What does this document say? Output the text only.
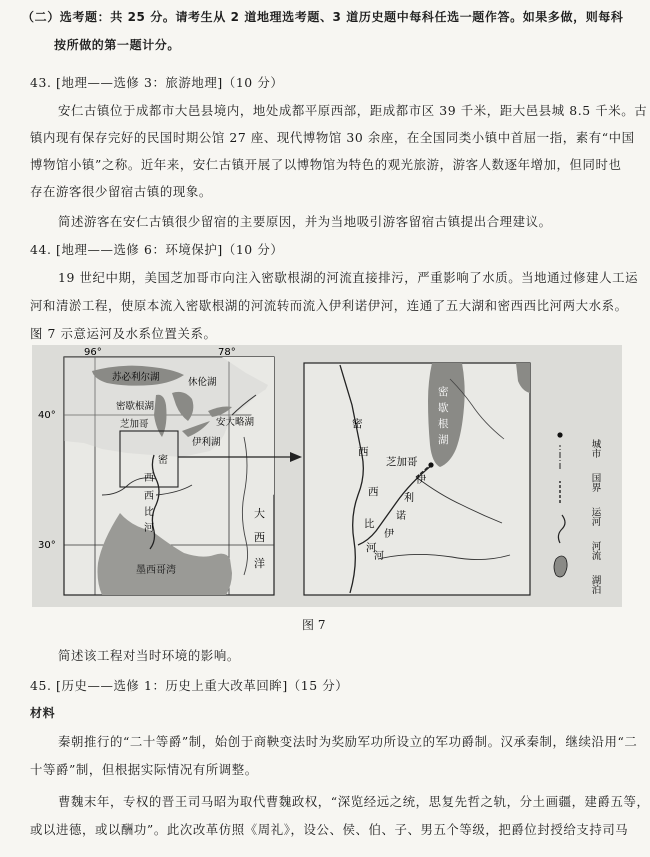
（二）选考题：共 25 分。请考生从 2 道地理选考题、3 道历史题中每科任选一题作答。如果多做，则每科
按所做的第一题计分。
43. [地理——选修 3：旅游地理]（10 分）
安仁古镇位于成都市大邑县境内，地处成都平原西部，距成都市区 39 千米，距大邑县城 8.5 千米。古
镇内现有保存完好的民国时期公馆 27 座、现代博物馆 30 余座，在全国同类小镇中首屈一指，素有“中国
博物馆小镇”之称。近年来，安仁古镇开展了以博物馆为特色的观光旅游，游客人数逐年增加，但同时也
存在游客很少留宿古镇的现象。
简述游客在安仁古镇很少留宿的主要原因，并为当地吸引游客留宿古镇提出合理建议。
44. [地理——选修 6：环境保护]（10 分）
19 世纪中期，美国芝加哥市向注入密歇根湖的河流直接排污，严重影响了水质。当地通过修建人工运
河和清淤工程，使原本流入密歇根湖的河流转而流入伊利诺伊河，连通了五大湖和密西西比河两大水系。
图 7 示意运河及水系位置关系。
96°	78°
40°
30°
苏必利尔湖	休伦湖
密歇根湖
安大略湖
伊利湖
芝加哥
密
西
西
比
河
大
西
洋
墨西哥湾
密
歇
根
湖
芝加哥
密
西
西
比
河
伊
利
诺
伊
河
湖泊
河流
运河
国界
城市
图 7
简述该工程对当时环境的影响。
45. [历史——选修 1：历史上重大改革回眸]（15 分）
材料
秦朝推行的“二十等爵”制，始创于商鞅变法时为奖励军功所设立的军功爵制。汉承秦制，继续沿用“二
十等爵”制，但根据实际情况有所调整。
曹魏末年，专权的晋王司马昭为取代曹魏政权，“深览经远之统，思复先哲之轨，分土画疆，建爵五等，
或以进德，或以酬功”。此次改革仿照《周礼》，设公、侯、伯、子、男五个等级，把爵位封授给支持司马
